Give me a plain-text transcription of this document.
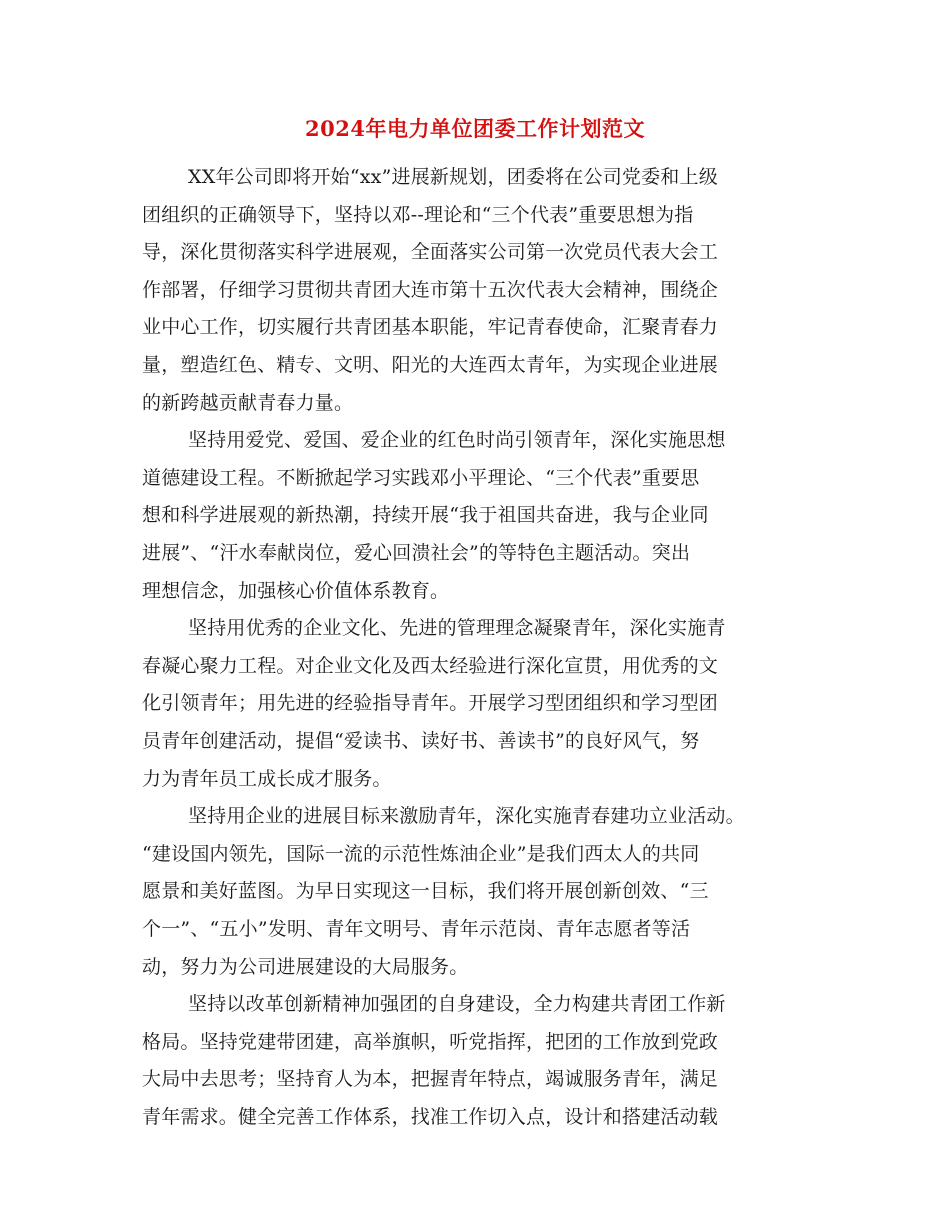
2024年电力单位团委工作计划范文
XX年公司即将开始“xx”进展新规划，团委将在公司党委和上级
团组织的正确领导下，坚持以邓--理论和“三个代表”重要思想为指
导，深化贯彻落实科学进展观，全面落实公司第一次党员代表大会工
作部署，仔细学习贯彻共青团大连市第十五次代表大会精神，围绕企
业中心工作，切实履行共青团基本职能，牢记青春使命，汇聚青春力
量，塑造红色、精专、文明、阳光的大连西太青年，为实现企业进展
的新跨越贡献青春力量。
坚持用爱党、爱国、爱企业的红色时尚引领青年，深化实施思想
道德建设工程。不断掀起学习实践邓小平理论、“三个代表”重要思
想和科学进展观的新热潮，持续开展“我于祖国共奋进，我与企业同
进展”、“汗水奉献岗位，爱心回溃社会”的等特色主题活动。突出
理想信念，加强核心价值体系教育。
坚持用优秀的企业文化、先进的管理理念凝聚青年，深化实施青
春凝心聚力工程。对企业文化及西太经验进行深化宣贯，用优秀的文
化引领青年；用先进的经验指导青年。开展学习型团组织和学习型团
员青年创建活动，提倡“爱读书、读好书、善读书”的良好风气，努
力为青年员工成长成才服务。
坚持用企业的进展目标来激励青年，深化实施青春建功立业活动。
“建设国内领先，国际一流的示范性炼油企业”是我们西太人的共同
愿景和美好蓝图。为早日实现这一目标，我们将开展创新创效、“三
个一”、“五小”发明、青年文明号、青年示范岗、青年志愿者等活
动，努力为公司进展建设的大局服务。
坚持以改革创新精神加强团的自身建设，全力构建共青团工作新
格局。坚持党建带团建，高举旗帜，听党指挥，把团的工作放到党政
大局中去思考；坚持育人为本，把握青年特点，竭诚服务青年，满足
青年需求。健全完善工作体系，找准工作切入点，设计和搭建活动载
